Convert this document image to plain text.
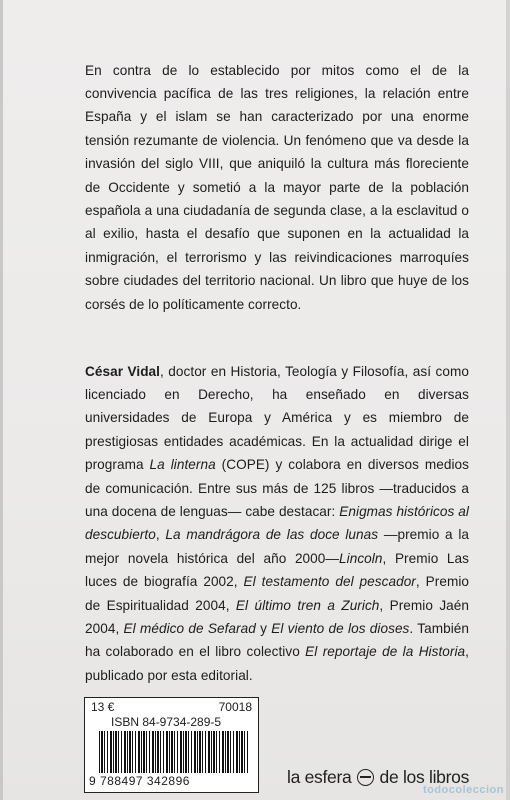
En contra de lo establecido por mitos como el de la convivencia pacífica de las tres religiones, la relación entre España y el islam se han caracterizado por una enorme tensión rezumante de violencia. Un fenómeno que va desde la invasión del siglo VIII, que aniquiló la cultura más floreciente de Occidente y sometió a la mayor parte de la población española a una ciudadanía de segunda clase, a la esclavitud o al exilio, hasta el desafío que suponen en la actualidad la inmigración, el terrorismo y las reivindicaciones marroquíes sobre ciudades del territorio nacional. Un libro que huye de los corsés de lo políticamente correcto.

César Vidal, doctor en Historia, Teología y Filosofía, así como licenciado en Derecho, ha enseñado en diversas universidades de Europa y América y es miembro de prestigiosas entidades académicas. En la actualidad dirige el programa La linterna (COPE) y colabora en diversos medios de comunicación. Entre sus más de 125 libros —traducidos a una docena de lenguas— cabe destacar: Enigmas históricos al descubierto, La mandrágora de las doce lunas —premio a la mejor novela histórica del año 2000—Lincoln, Premio Las luces de biografía 2002, El testamento del pescador, Premio de Espiritualidad 2004, El último tren a Zurich, Premio Jaén 2004, El médico de Sefarad y El viento de los dioses. También ha colaborado en el libro colectivo El reportaje de la Historia, publicado por esta editorial.

13 €	70018
ISBN 84-9734-289-5
9 788497 342896	la esfera de los libros
todocoleccion
